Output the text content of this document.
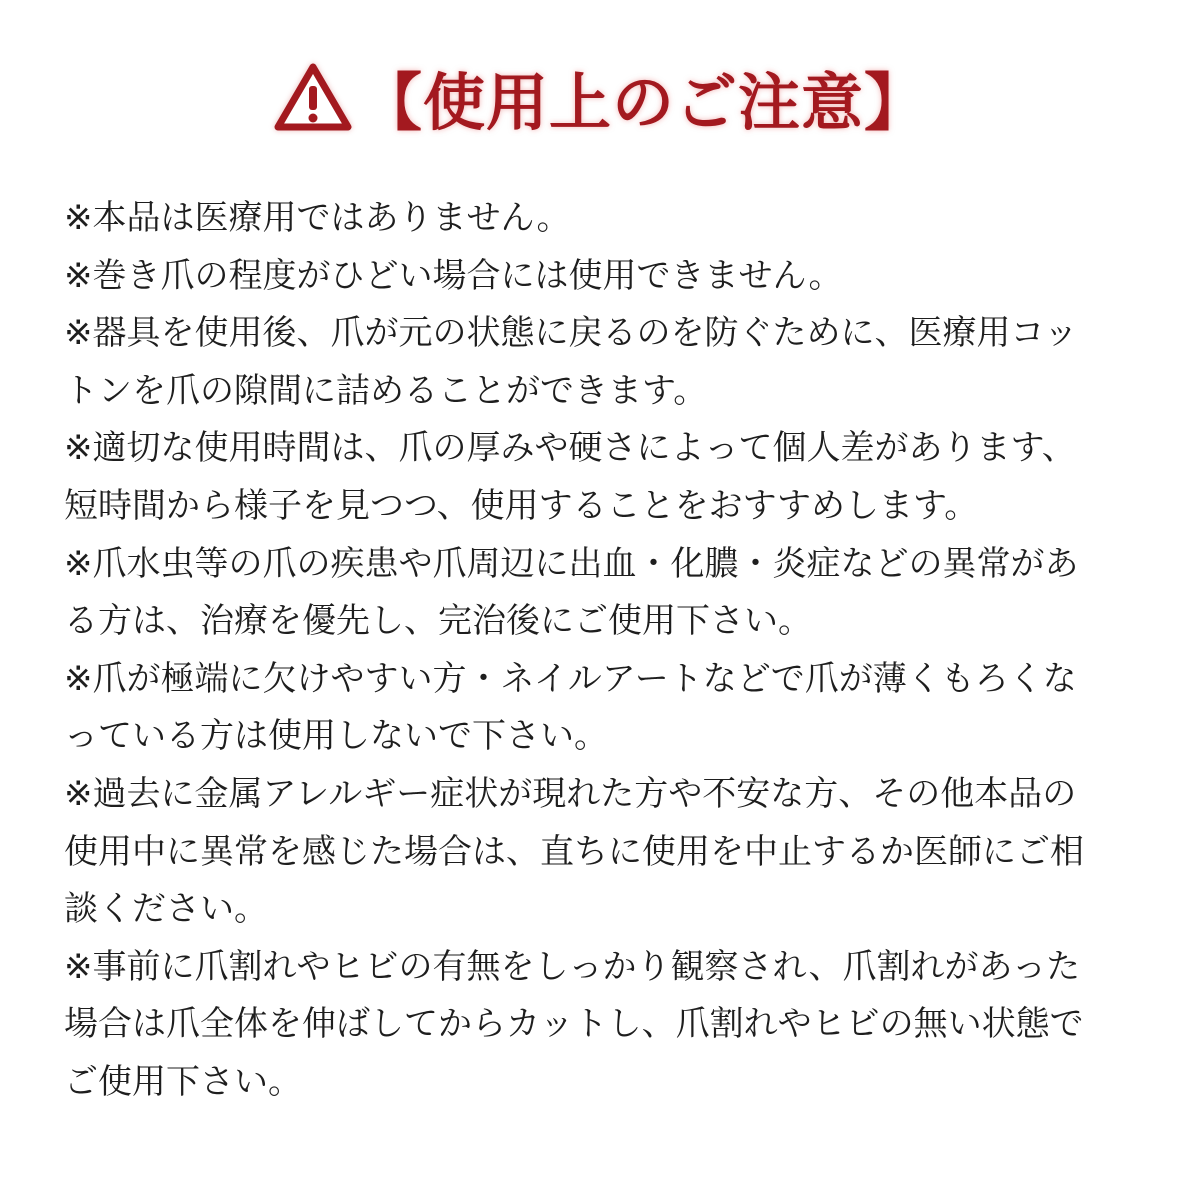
【使用上のご注意】
※本品は医療用ではありません。
※巻き爪の程度がひどい場合には使用できません。
※器具を使用後、爪が元の状態に戻るのを防ぐために、医療用コッ
トンを爪の隙間に詰めることができます。
※適切な使用時間は、爪の厚みや硬さによって個人差があります、
短時間から様子を見つつ、使用することをおすすめします。
※爪水虫等の爪の疾患や爪周辺に出血・化膿・炎症などの異常があ
る方は、治療を優先し、完治後にご使用下さい。
※爪が極端に欠けやすい方・ネイルアートなどで爪が薄くもろくな
っている方は使用しないで下さい。
※過去に金属アレルギー症状が現れた方や不安な方、その他本品の
使用中に異常を感じた場合は、直ちに使用を中止するか医師にご相
談ください。
※事前に爪割れやヒビの有無をしっかり観察され、爪割れがあった
場合は爪全体を伸ばしてからカットし、爪割れやヒビの無い状態で
ご使用下さい。
